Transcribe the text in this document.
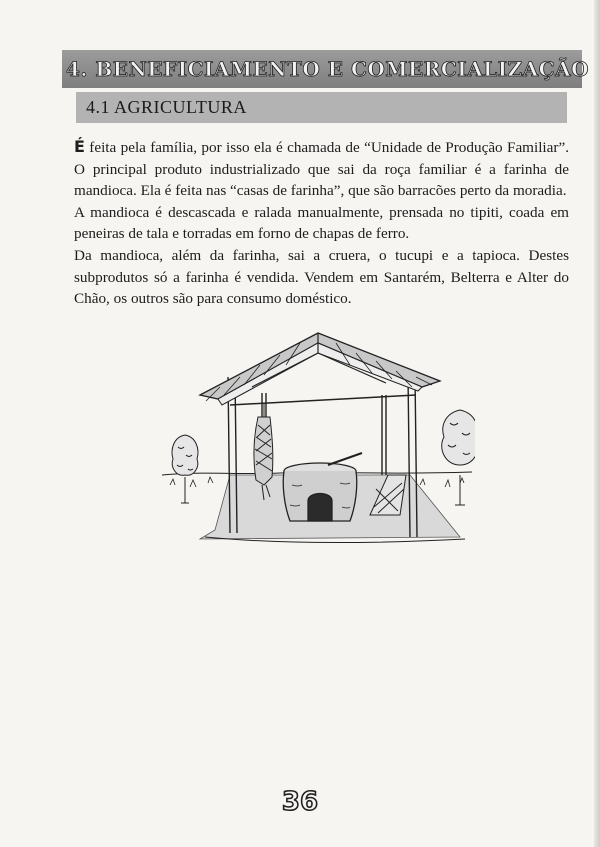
4. BENEFICIAMENTO E COMERCIALIZAÇÃO
4.1 AGRICULTURA

É feita pela família, por isso ela é chamada de “Unidade de Produção Familiar”. O principal produto industrializado que sai da roça familiar é a farinha de mandioca. Ela é feita nas “casas de farinha”, que são barracões perto da moradia.

A mandioca é descascada e ralada manualmente, prensada no tipiti, coada em peneiras de tala e torradas em forno de chapas de ferro.

Da mandioca, além da farinha, sai a cruera, o tucupi e a tapioca. Destes subprodutos só a farinha é vendida. Vendem em Santarém, Belterra e Alter do Chão, os outros são para consumo doméstico.

36
